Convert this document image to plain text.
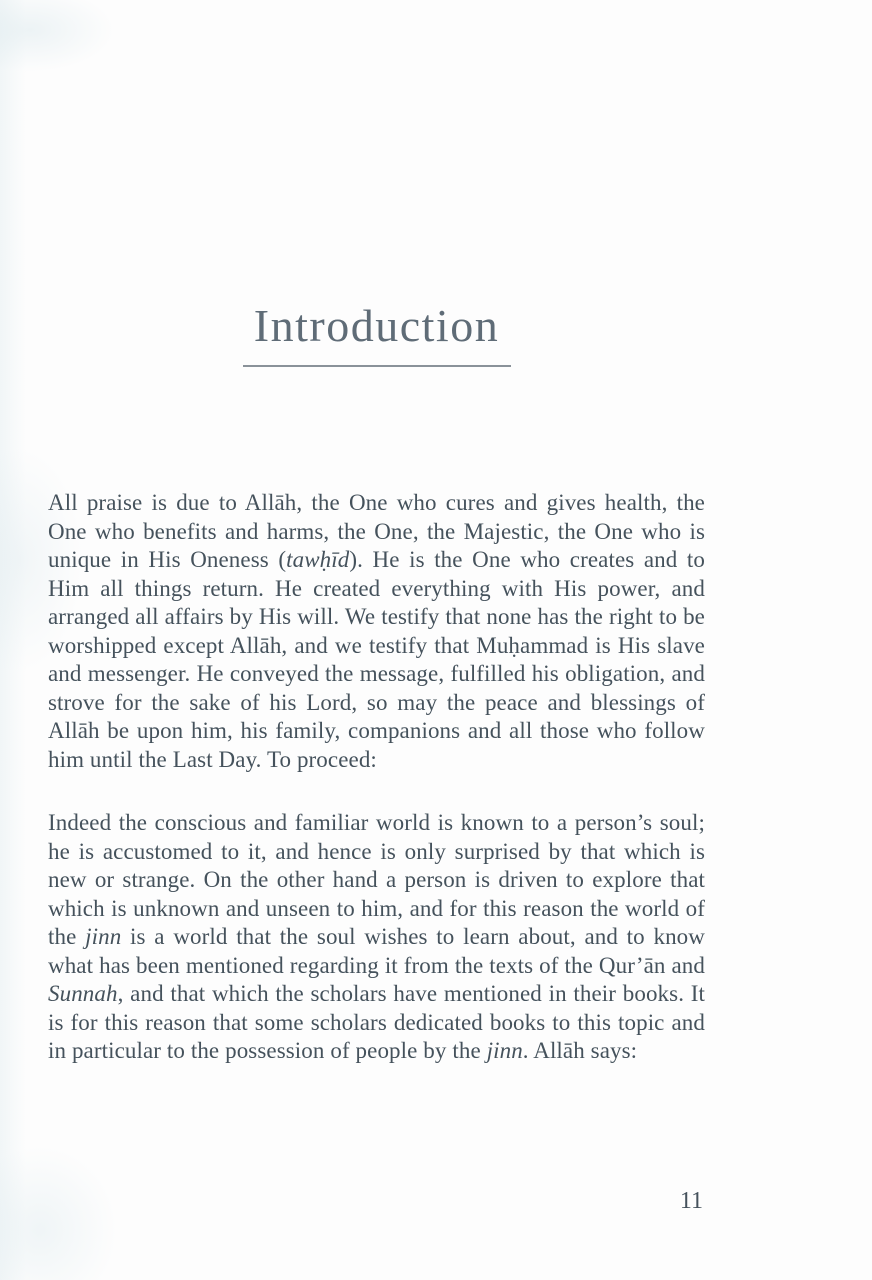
Introduction

All praise is due to Allāh, the One who cures and gives health, the One who benefits and harms, the One, the Majestic, the One who is unique in His Oneness (tawḥīd). He is the One who creates and to Him all things return. He created everything with His power, and arranged all affairs by His will. We testify that none has the right to be worshipped except Allāh, and we testify that Muḥammad is His slave and messenger. He conveyed the message, fulfilled his obligation, and strove for the sake of his Lord, so may the peace and blessings of Allāh be upon him, his family, companions and all those who follow him until the Last Day. To proceed:

Indeed the conscious and familiar world is known to a person’s soul; he is accustomed to it, and hence is only surprised by that which is new or strange. On the other hand a person is driven to explore that which is unknown and unseen to him, and for this reason the world of the jinn is a world that the soul wishes to learn about, and to know what has been mentioned regarding it from the texts of the Qur’ān and Sunnah, and that which the scholars have mentioned in their books. It is for this reason that some scholars dedicated books to this topic and in particular to the possession of people by the jinn. Allāh says:

11
